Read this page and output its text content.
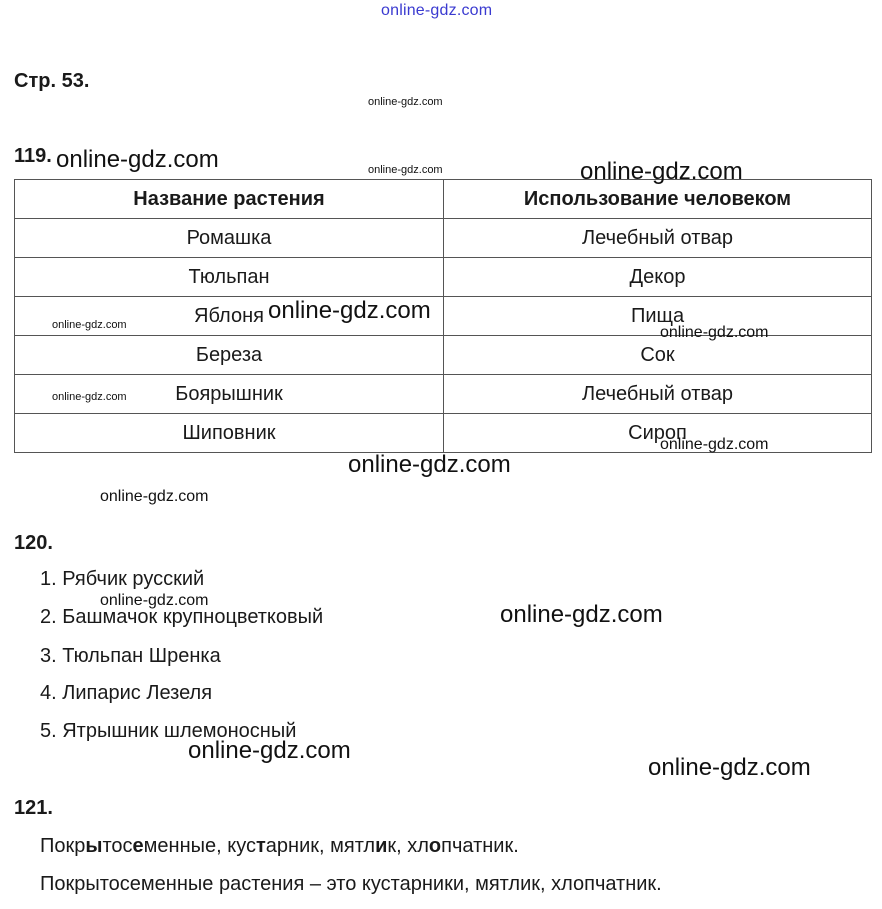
online-gdz.com
Стр. 53.
online-gdz.com
119.
Название растения	Использование человеком
Ромашка	Лечебный отвар
Тюльпан	Декор
Яблоня	Пища
Береза	Сок
Боярышник	Лечебный отвар
Шиповник	Сироп
online-gdz.com	online-gdz.com	online-gdz.com
online-gdz.com
online-gdz.com	online-gdz.com
online-gdz.com
online-gdz.com
online-gdz.com
online-gdz.com
120.
1. Рябчик русский
2. Башмачок крупноцветковый
3. Тюльпан Шренка
4. Липарис Лезеля
5. Ятрышник шлемоносный
online-gdz.com
online-gdz.com
online-gdz.com
online-gdz.com
121.
Покрытосеменные, кустарник, мятлик, хлопчатник.
Покрытосеменные растения – это кустарники, мятлик, хлопчатник.
